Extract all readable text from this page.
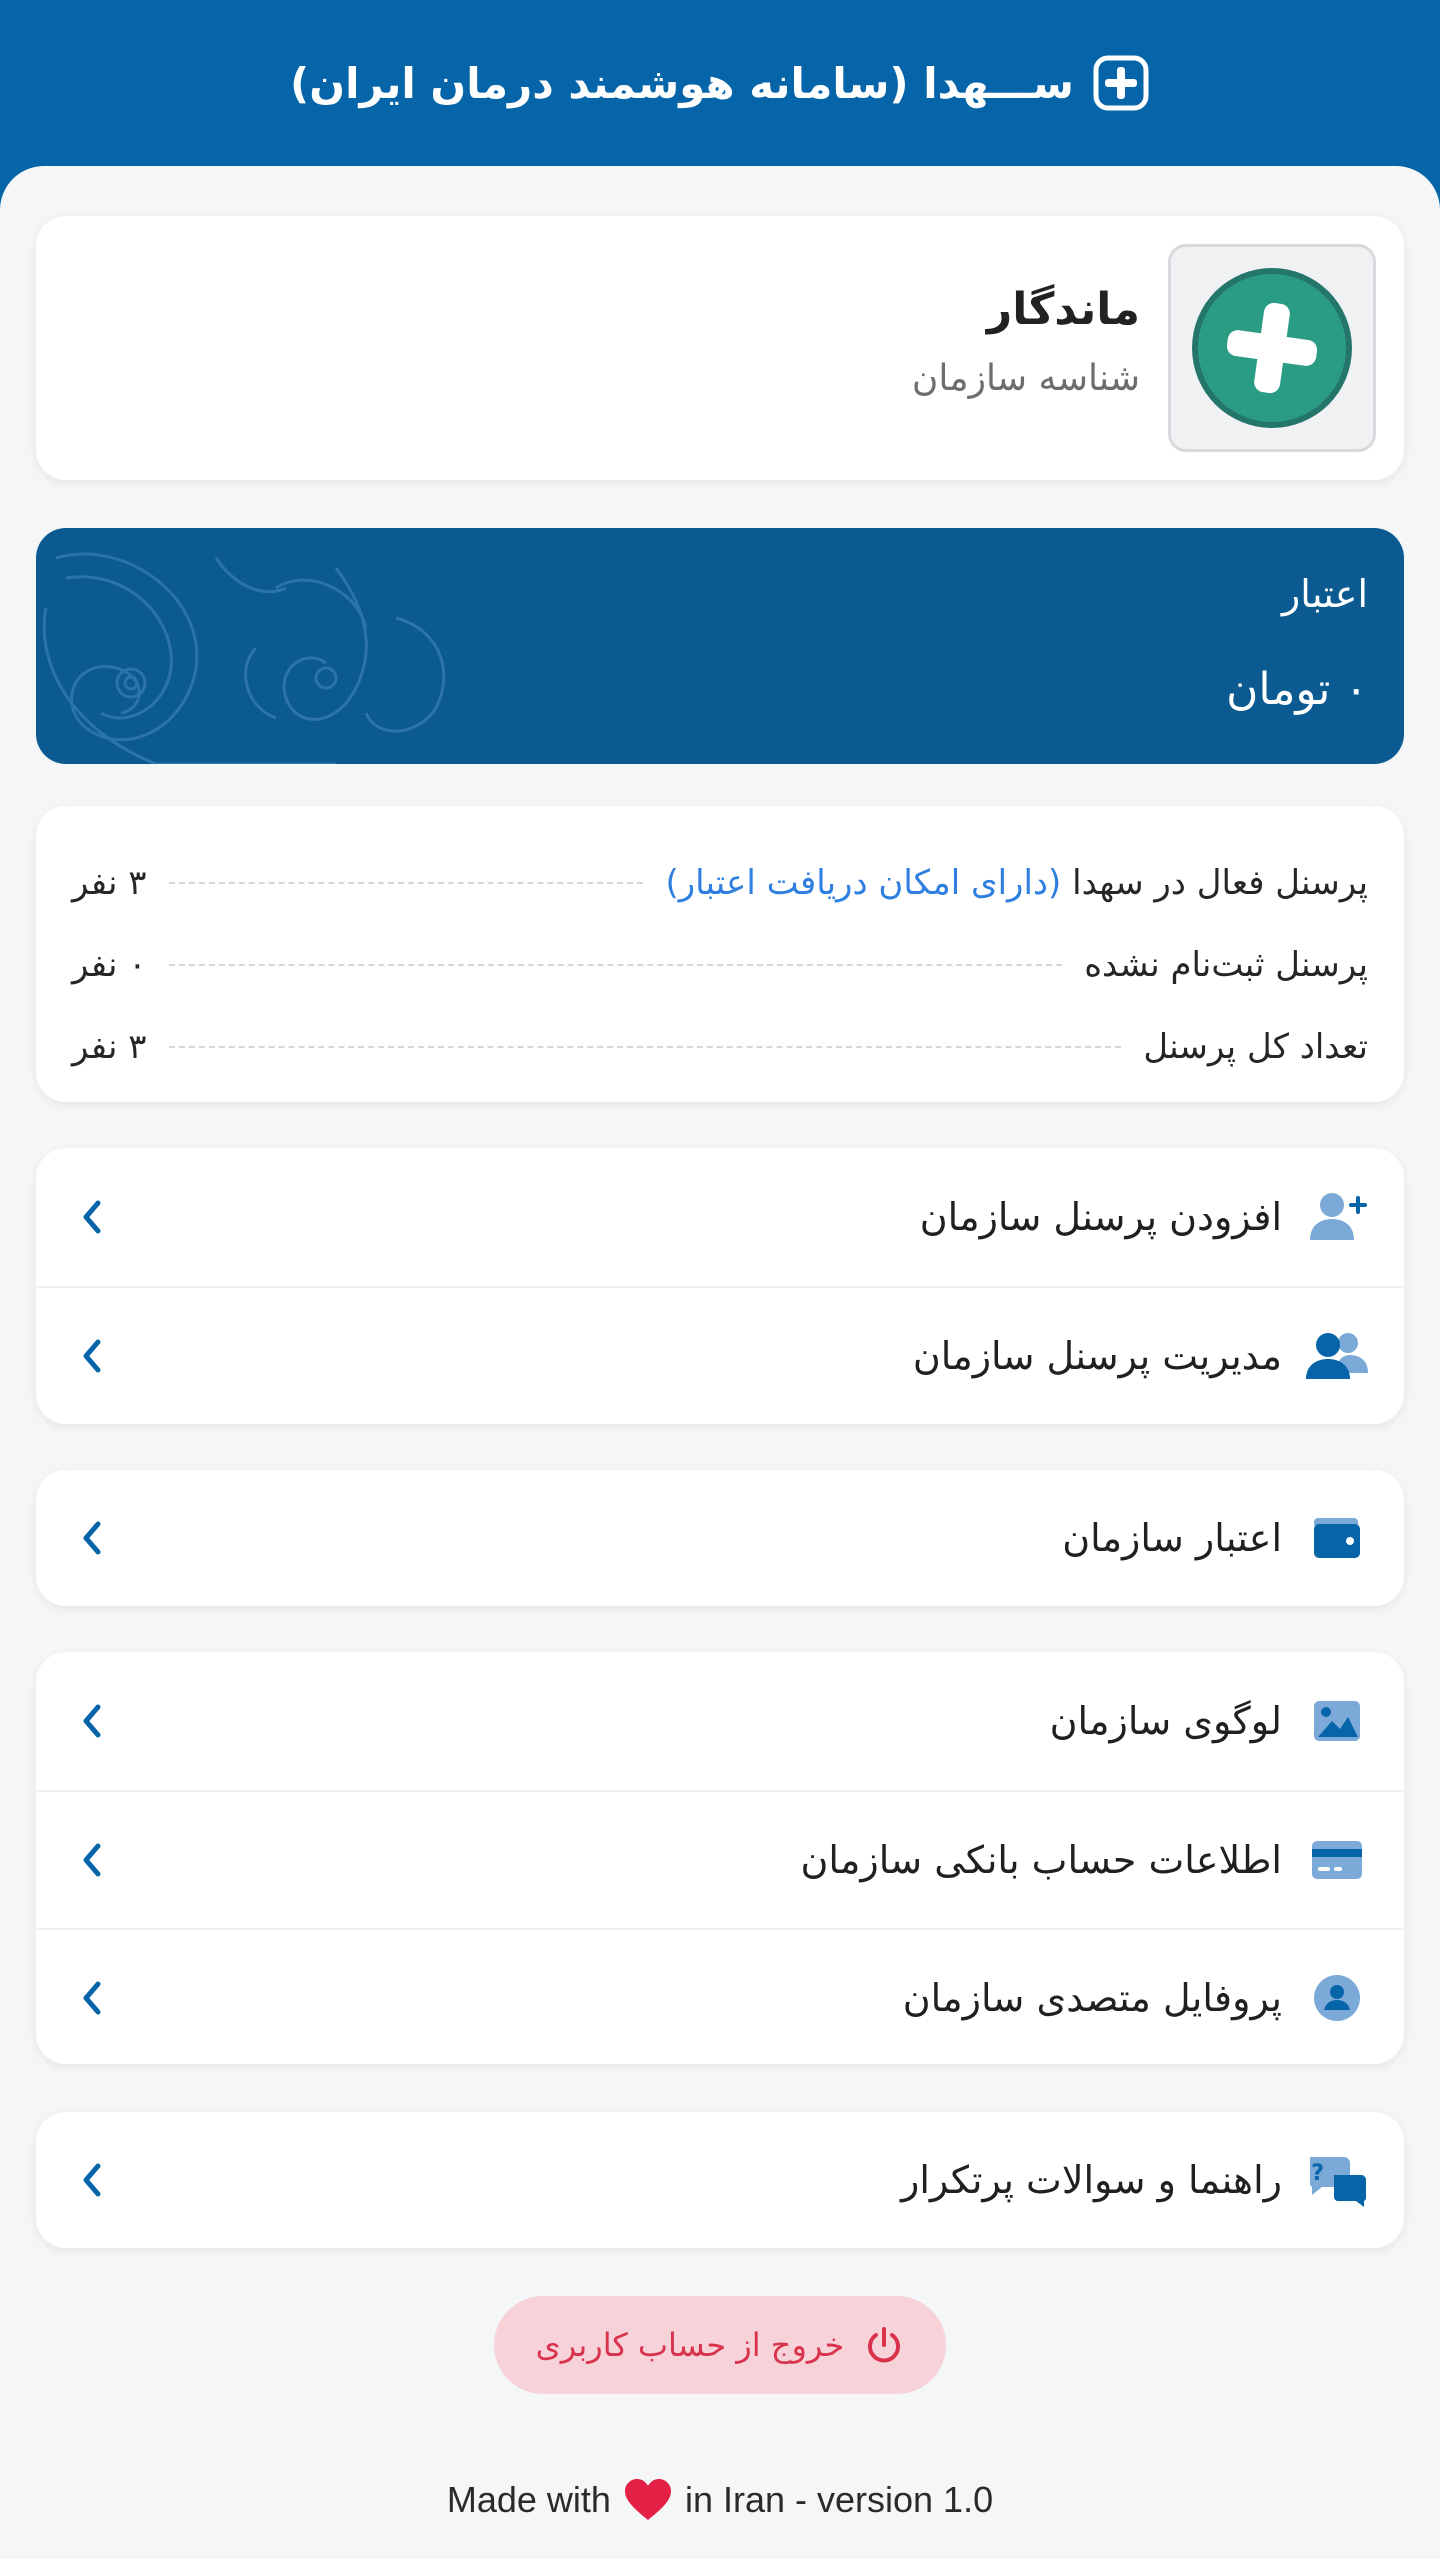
ســـهدا (سامانه هوشمند درمان ایران)
ماندگار
شناسه سازمان
اعتبار
۰ تومان
پرسنل فعال در سهدا (دارای امکان دریافت اعتبار)
۳ نفر
پرسنل ثبت‌نام نشده
۰ نفر
تعداد کل پرسنل
۳ نفر
افزودن پرسنل سازمان
مدیریت پرسنل سازمان
اعتبار سازمان
لوگوی سازمان
اطلاعات حساب بانکی سازمان
پروفایل متصدی سازمان
?
راهنما و سوالات پرتکرار
خروج از حساب کاربری
Made with in Iran - version 1.0
